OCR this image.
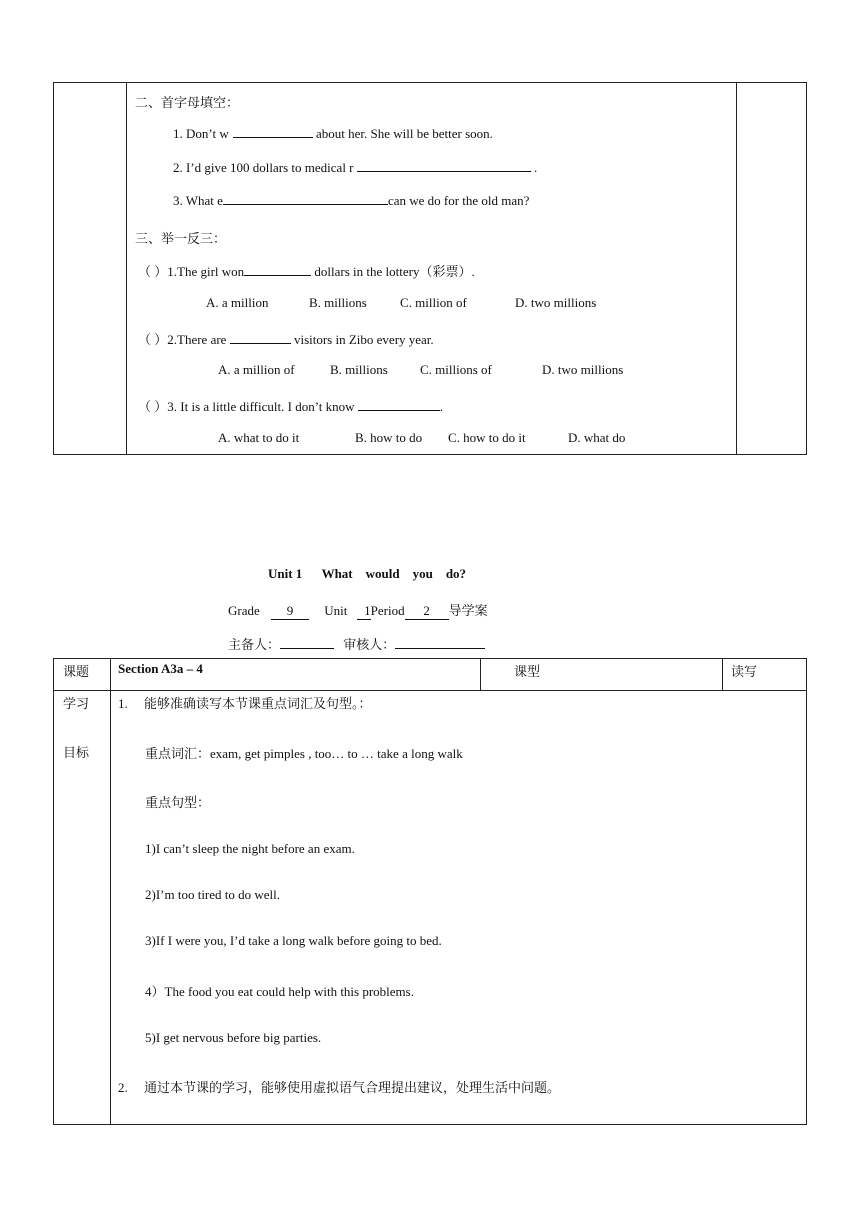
二、首字母填空：
1. Don’t w	about her. She will be better soon.
2. I’d give 100 dollars to medical r	.
3. What e	can we do for the old man?
三、举一反三：
（ ）1.The girl won	dollars in the lottery（彩票）.
A. a million	B. millions	C. million of	D. two millions
（ ）2.There are	visitors in Zibo every year.
A. a million of	B. millions C. millions of	D. two millions
（ ）3. It is a little difficult. I don’t know	.
A. what to do it	B. how to do C. how to do it	D. what do
Unit 1      What    would    you    do?
Grade 9 Unit 1Period 2 导学案
主备人：	审核人：
课题 Section A3a – 4	课型	读写
学习
目标
1. 能够准确读写本节课重点词汇及句型。：
重点词汇：exam, get pimples , too… to … take a long walk
重点句型：
1)I can’t sleep the night before an exam.
2)I’m too tired to do well.
3)If I were you, I’d take a long walk before going to bed.
4）The food you eat could help with this problems.
5)I get nervous before big parties.
2. 通过本节课的学习，能够使用虚拟语气合理提出建议，处理生活中问题。
